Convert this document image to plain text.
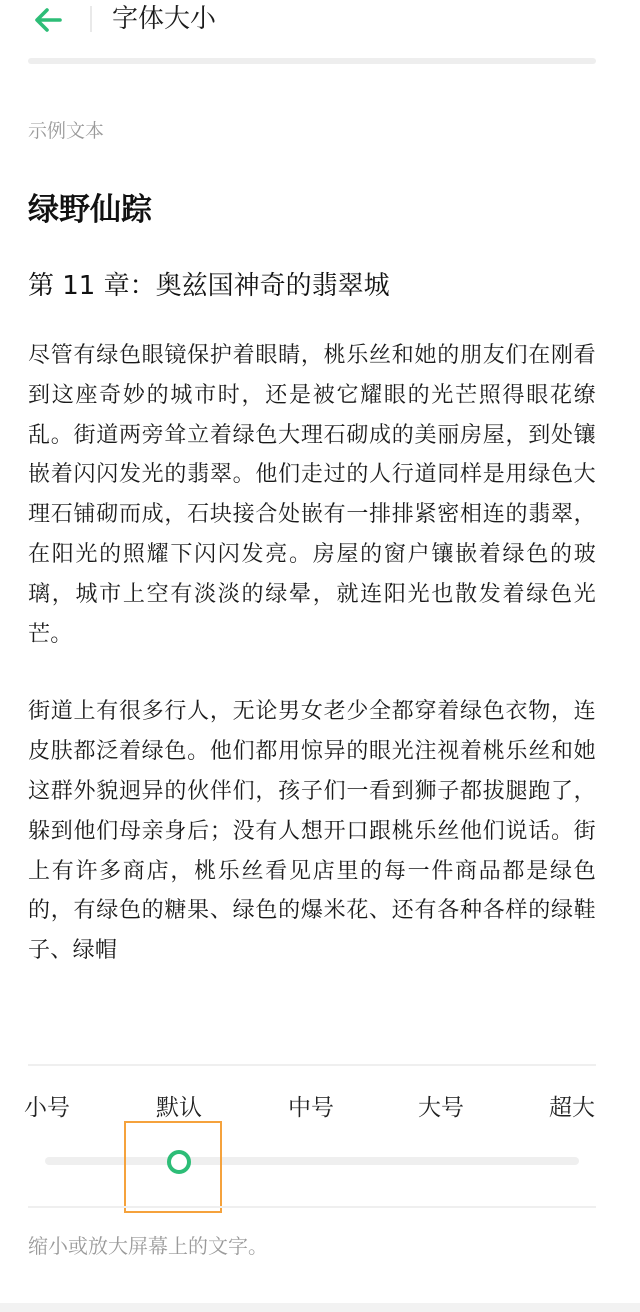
字体大小
示例文本
绿野仙踪
第 11 章：奥兹国神奇的翡翠城

尽管有绿色眼镜保护着眼睛，桃乐丝和她的朋友们在刚看到这座奇妙的城市时，还是被它耀眼的光芒照得眼花缭乱。街道两旁耸立着绿色大理石砌成的美丽房屋，到处镶嵌着闪闪发光的翡翠。他们走过的人行道同样是用绿色大理石铺砌而成，石块接合处嵌有一排排紧密相连的翡翠，在阳光的照耀下闪闪发亮。房屋的窗户镶嵌着绿色的玻璃，城市上空有淡淡的绿晕，就连阳光也散发着绿色光芒。

街道上有很多行人，无论男女老少全都穿着绿色衣物，连皮肤都泛着绿色。他们都用惊异的眼光注视着桃乐丝和她这群外貌迥异的伙伴们，孩子们一看到狮子都拔腿跑了，躲到他们母亲身后；没有人想开口跟桃乐丝他们说话。街上有许多商店，桃乐丝看见店里的每一件商品都是绿色的，有绿色的糖果、绿色的爆米花、还有各种各样的绿鞋子、绿帽

小号	默认	中号	大号	超大
缩小或放大屏幕上的文字。
